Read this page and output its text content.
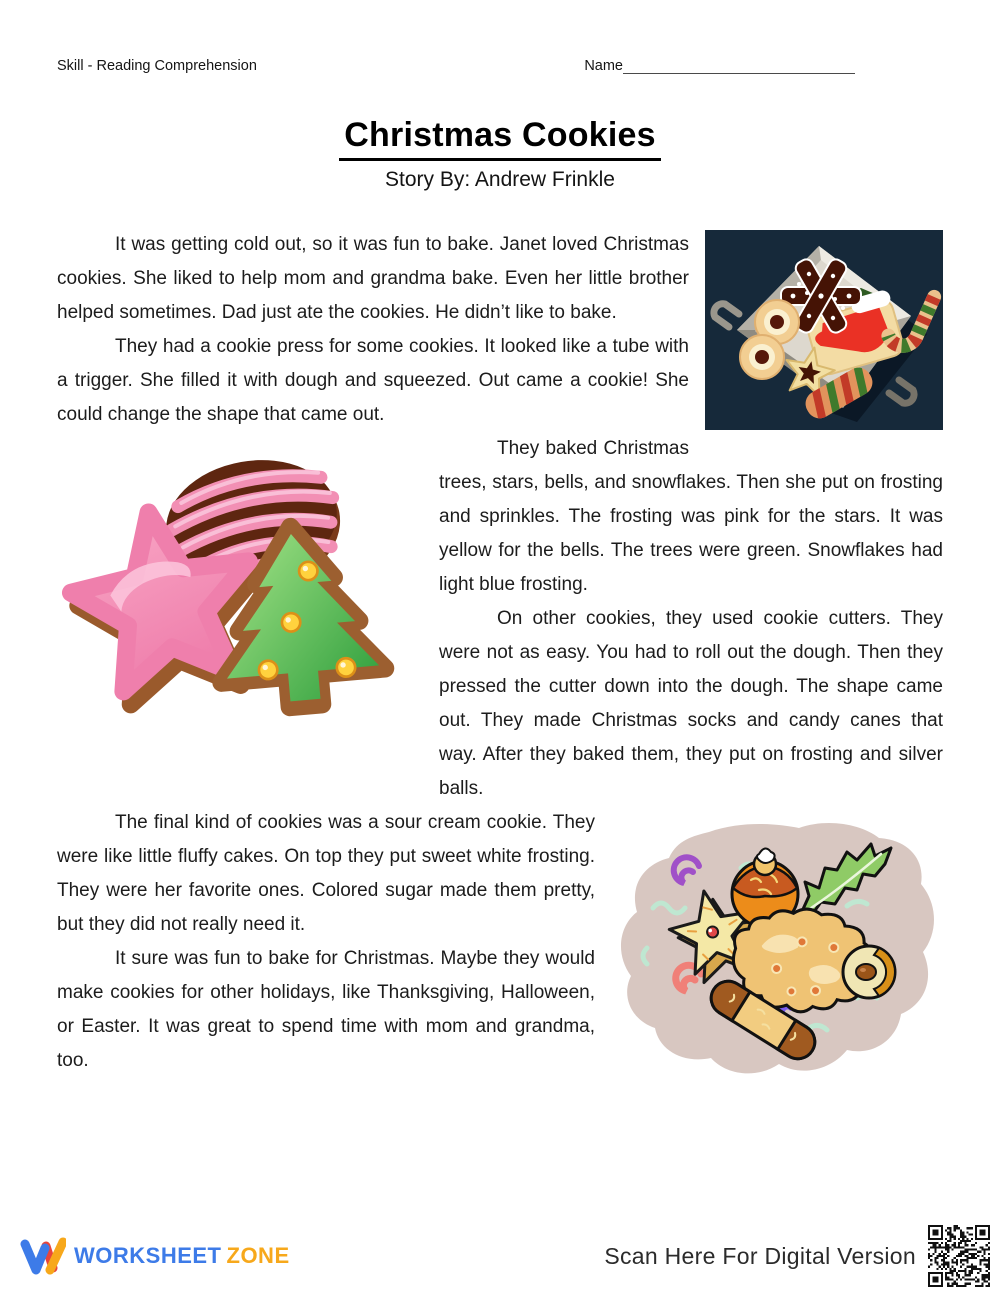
Skill - Reading Comprehension	Name
Christmas Cookies
Story By: Andrew Frinkle

It was getting cold out, so it was fun to bake. Janet loved Christmas cookies. She liked to help mom and grandma bake. Even her little brother helped sometimes. Dad just ate the cookies. He didn’t like to bake.

They had a cookie press for some cookies. It looked like a tube with a trigger. She filled it with dough and squeezed. Out came a cookie! She could change the shape that came out.

They baked Christmas trees, stars, bells, and snowflakes. Then she put on frosting and sprinkles. The frosting was pink for the stars. It was yellow for the bells. The trees were green. Snowflakes had light blue frosting.

On other cookies, they used cookie cutters. They were not as easy. You had to roll out the dough. Then they pressed the cutter down into the dough. The shape came out. They made Christmas socks and candy canes that way. After they baked them, they put on frosting and silver balls.

The final kind of cookies was a sour cream cookie. They were like little fluffy cakes. On top they put sweet white frosting. They were her favorite ones. Colored sugar made them pretty, but they did not really need it.

It sure was fun to bake for Christmas. Maybe they would make cookies for other holidays, like Thanksgiving, Halloween, or Easter. It was great to spend time with mom and grandma, too.

WORKSHEET ZONE	Scan Here For Digital Version
